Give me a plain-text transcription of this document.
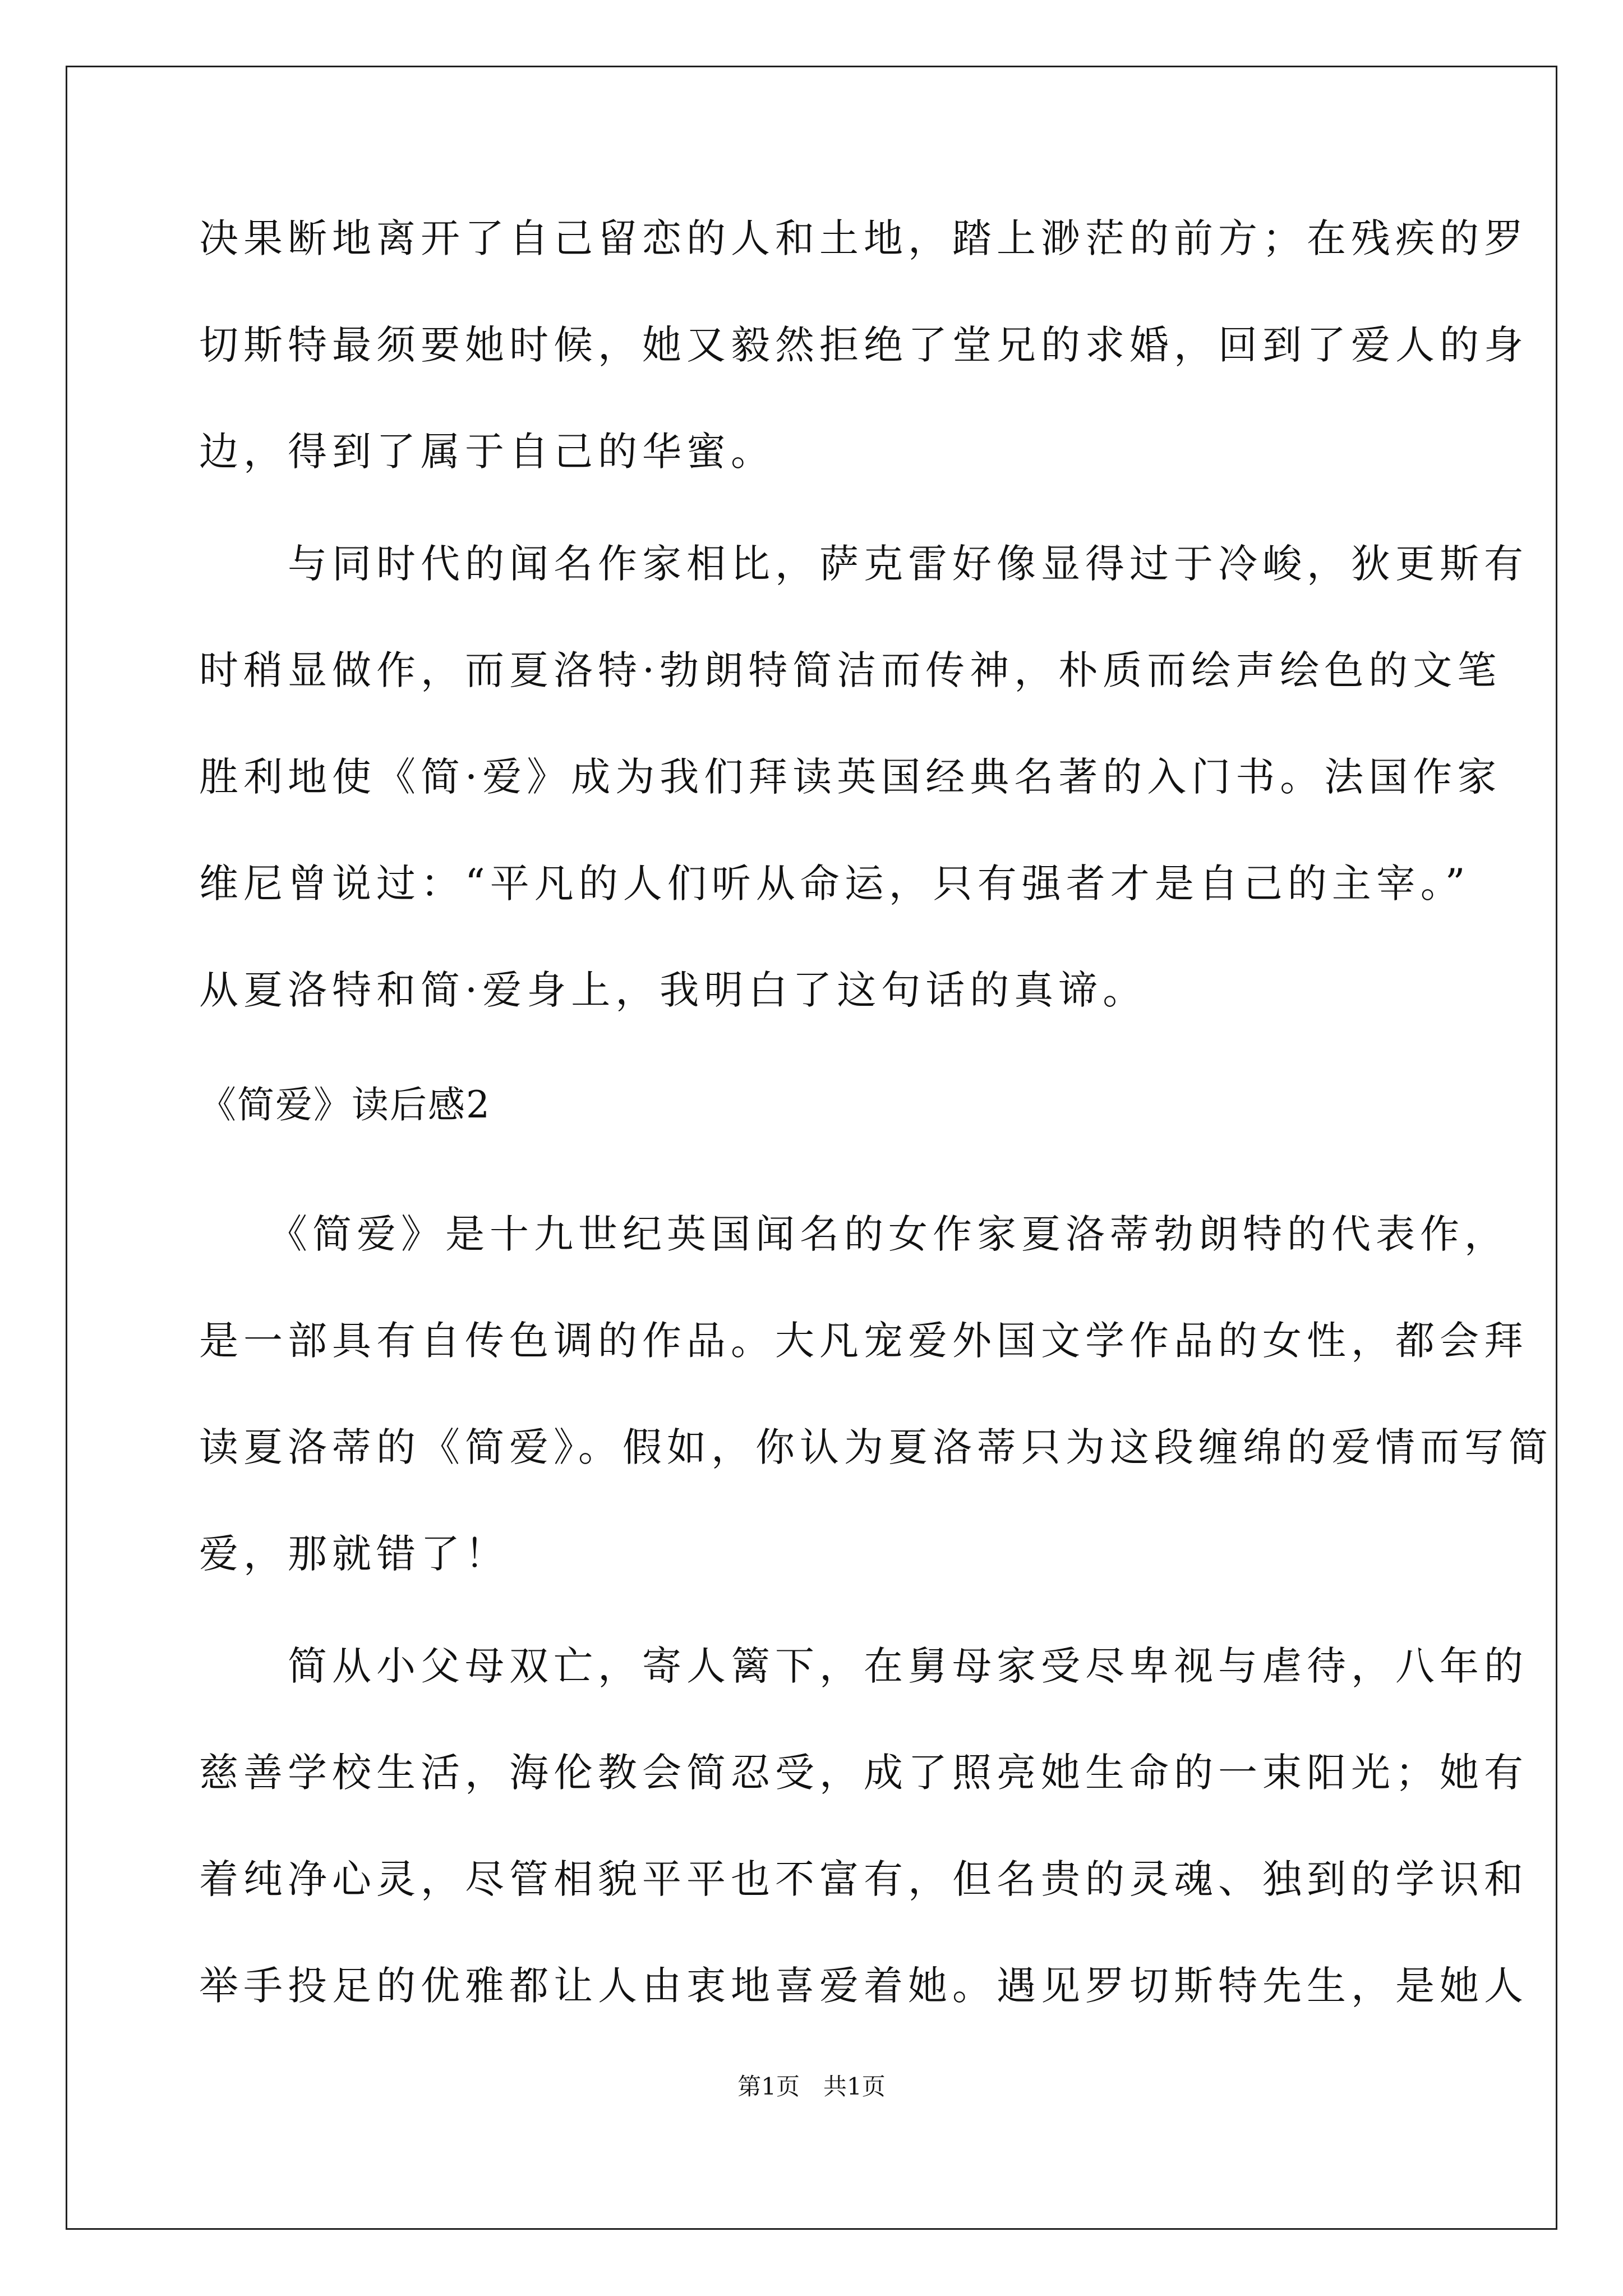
决果断地离开了自己留恋的人和土地，踏上渺茫的前方；在残疾的罗
切斯特最须要她时候，她又毅然拒绝了堂兄的求婚，回到了爱人的身
边，得到了属于自己的华蜜。
　　与同时代的闻名作家相比，萨克雷好像显得过于冷峻，狄更斯有
时稍显做作，而夏洛特·勃朗特简洁而传神，朴质而绘声绘色的文笔
胜利地使《简·爱》成为我们拜读英国经典名著的入门书。法国作家
维尼曾说过：“平凡的人们听从命运，只有强者才是自己的主宰。”
从夏洛特和简·爱身上，我明白了这句话的真谛。
　　《简爱》是十九世纪英国闻名的女作家夏洛蒂勃朗特的代表作，
是一部具有自传色调的作品。大凡宠爱外国文学作品的女性，都会拜
读夏洛蒂的《简爱》。假如，你认为夏洛蒂只为这段缠绵的爱情而写简
爱，那就错了！
　　简从小父母双亡，寄人篱下，在舅母家受尽卑视与虐待，八年的
慈善学校生活，海伦教会简忍受，成了照亮她生命的一束阳光；她有
着纯净心灵，尽管相貌平平也不富有，但名贵的灵魂、独到的学识和
举手投足的优雅都让人由衷地喜爱着她。遇见罗切斯特先生，是她人
《简爱》读后感2
第1页　共1页
